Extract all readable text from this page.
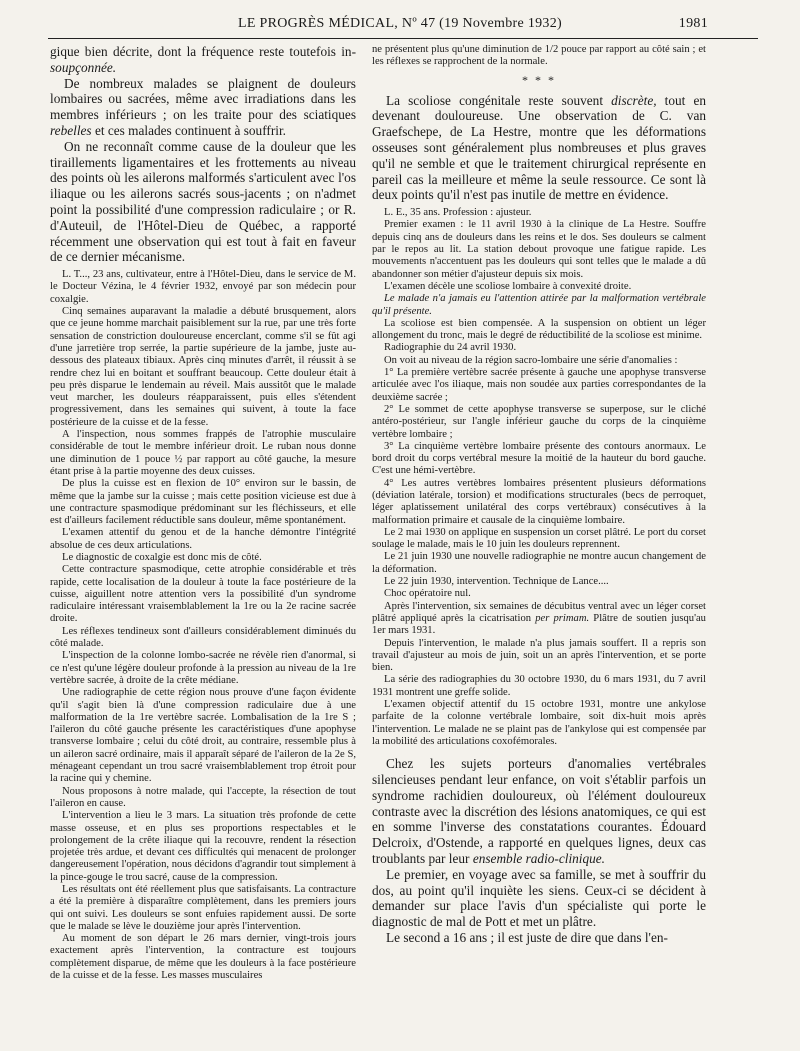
LE PROGRÈS MÉDICAL, Nº 47 (19 Novembre 1932)	1981

gique bien décrite, dont la fréquence reste toutefois in- soupçonnée.

De nombreux malades se plaignent de douleurs lombaires ou sacrées, même avec irradiations dans les membres inférieurs ; on les traite pour des sciatiques rebelles et ces malades continuent à souffrir.

On ne reconnaît comme cause de la douleur que les tiraillements ligamentaires et les frottements au niveau des points où les ailerons malformés s'articulent avec l'os iliaque ou les ailerons sacrés sous-jacents ; on n'admet point la possibilité d'une compression radiculaire ; or R. d'Auteuil, de l'Hôtel-Dieu de Québec, a rapporté récemment une observation qui est tout à fait en faveur de ce dernier mécanisme.

L. T..., 23 ans, cultivateur, entre à l'Hôtel-Dieu, dans le service de M. le Docteur Vézina, le 4 février 1932, envoyé par son médecin pour coxalgie.

Cinq semaines auparavant la maladie a débuté brusquement, alors que ce jeune homme marchait paisiblement sur la rue, par une très forte sensation de constriction douloureuse encerclant, comme s'il se fût agi d'une jarretière trop serrée, la partie supérieure de la jambe, juste au-dessous des plateaux tibiaux. Après cinq minutes d'arrêt, il réussit à se rendre chez lui en boitant et souffrant beaucoup. Cette douleur était à peu près disparue le lendemain au réveil. Mais aussitôt que le malade veut marcher, les douleurs réapparaissent, puis elles s'étendent progressivement, dans les semaines qui suivent, à toute la face postérieure de la cuisse et de la fesse.

A l'inspection, nous sommes frappés de l'atrophie musculaire considérable de tout le membre inférieur droit. Le ruban nous donne une diminution de 1 pouce ½ par rapport au côté gauche, la mesure étant prise à la partie moyenne des deux cuisses.

De plus la cuisse est en flexion de 10° environ sur le bassin, de même que la jambe sur la cuisse ; mais cette position vicieuse est due à une contracture spasmodique prédominant sur les fléchisseurs, et elle est d'ailleurs facilement réductible sans douleur, même spontanément.

L'examen attentif du genou et de la hanche démontre l'intégrité absolue de ces deux articulations.

Le diagnostic de coxalgie est donc mis de côté.

Cette contracture spasmodique, cette atrophie considérable et très rapide, cette localisation de la douleur à toute la face postérieure de la cuisse, aiguillent notre attention vers la possibilité d'un syndrome radiculaire intéressant vraisemblablement la 1re ou la 2e racine sacrée droite.

Les réflexes tendineux sont d'ailleurs considérablement diminués du côté malade.

L'inspection de la colonne lombo-sacrée ne révèle rien d'anormal, si ce n'est qu'une légère douleur profonde à la pression au niveau de la 1re vertèbre sacrée, à droite de la crête médiane.

Une radiographie de cette région nous prouve d'une façon évidente qu'il s'agit bien là d'une compression radiculaire due à une malformation de la 1re vertèbre sacrée. Lombalisation de la 1re S ; l'aileron du côté gauche présente les caractéristiques d'une apophyse transverse lombaire ; celui du côté droit, au contraire, ressemble plus à un aileron sacré ordinaire, mais il apparaît séparé de l'aileron de la 2e S, ménageant cependant un trou sacré vraisemblablement trop étroit pour la racine qui y chemine.

Nous proposons à notre malade, qui l'accepte, la résection de tout l'aileron en cause.

L'intervention a lieu le 3 mars. La situation très profonde de cette masse osseuse, et en plus ses proportions respectables et le prolongement de la crête iliaque qui la recouvre, rendent la résection projetée très ardue, et devant ces difficultés qui menacent de prolonger dangereusement l'opération, nous décidons d'agrandir tout simplement à la pince-gouge le trou sacré, cause de la compression.

Les résultats ont été réellement plus que satisfaisants. La contracture a été la première à disparaître complètement, dans les premiers jours qui ont suivi. Les douleurs se sont enfuies rapidement aussi. De sorte que le malade se lève le douzième jour après l'intervention.

Au moment de son départ le 26 mars dernier, vingt-trois jours exactement après l'intervention, la contracture est toujours complètement disparue, de même que les douleurs à la face postérieure de la cuisse et de la fesse. Les masses musculaires

ne présentent plus qu'une diminution de 1/2 pouce par rapport au côté sain ; et les réflexes se rapprochent de la normale.

* * *

La scoliose congénitale reste souvent discrète, tout en devenant douloureuse. Une observation de C. van Graefschepe, de La Hestre, montre que les déformations osseuses sont généralement plus nombreuses et plus graves qu'il ne semble et que le traitement chirurgical représente en pareil cas la meilleure et même la seule ressource. Ce sont là deux points qu'il n'est pas inutile de mettre en évidence.

L. E., 35 ans. Profession : ajusteur.

Premier examen : le 11 avril 1930 à la clinique de La Hestre. Souffre depuis cinq ans de douleurs dans les reins et le dos. Ses douleurs se calment par le repos au lit. La station debout provoque une fatigue rapide. Les mouvements n'accentuent pas les douleurs qui sont telles que le malade a dû abandonner son métier d'ajusteur depuis six mois.

L'examen décèle une scoliose lombaire à convexité droite.

Le malade n'a jamais eu l'attention attirée par la malformation vertébrale qu'il présente.

La scoliose est bien compensée. A la suspension on obtient un léger allongement du tronc, mais le degré de réductibilité de la scoliose est minime.

Radiographie du 24 avril 1930.

On voit au niveau de la région sacro-lombaire une série d'anomalies :

1° La première vertèbre sacrée présente à gauche une apophyse transverse articulée avec l'os iliaque, mais non soudée aux parties correspondantes de la deuxième sacrée ;

2° Le sommet de cette apophyse transverse se superpose, sur le cliché antéro-postérieur, sur l'angle inférieur gauche du corps de la cinquième vertèbre lombaire ;

3° La cinquième vertèbre lombaire présente des contours anormaux. Le bord droit du corps vertébral mesure la moitié de la hauteur du bord gauche. C'est une hémi-vertèbre.

4° Les autres vertèbres lombaires présentent plusieurs déformations (déviation latérale, torsion) et modifications structurales (becs de perroquet, léger aplatissement unilatéral des corps vertébraux) consécutives à la malformation primaire et causale de la cinquième lombaire.

Le 2 mai 1930 on applique en suspension un corset plâtré. Le port du corset soulage le malade, mais le 10 juin les douleurs reprennent.

Le 21 juin 1930 une nouvelle radiographie ne montre aucun changement de la déformation.

Le 22 juin 1930, intervention. Technique de Lance....

Choc opératoire nul.

Après l'intervention, six semaines de décubitus ventral avec un léger corset plâtré appliqué après la cicatrisation per primam. Plâtre de soutien jusqu'au 1er mars 1931.

Depuis l'intervention, le malade n'a plus jamais souffert. Il a repris son travail d'ajusteur au mois de juin, soit un an après l'intervention, et se porte bien.

La série des radiographies du 30 octobre 1930, du 6 mars 1931, du 7 avril 1931 montrent une greffe solide.

L'examen objectif attentif du 15 octobre 1931, montre une ankylose parfaite de la colonne vertébrale lombaire, soit dix-huit mois après l'intervention. Le malade ne se plaint pas de l'ankylose qui est compensée par la mobilité des articulations coxofémorales.

Chez les sujets porteurs d'anomalies vertébrales silencieuses pendant leur enfance, on voit s'établir parfois un syndrome rachidien douloureux, où l'élément douloureux contraste avec la discrétion des lésions anatomiques, ce qui est en somme l'inverse des constatations courantes. Édouard Delcroix, d'Ostende, a rapporté en quelques lignes, deux cas troublants par leur ensemble radio-clinique.

Le premier, en voyage avec sa famille, se met à souffrir du dos, au point qu'il inquiète les siens. Ceux-ci se décident à demander sur place l'avis d'un spécialiste qui porte le diagnostic de mal de Pott et met un plâtre.

Le second a 16 ans ; il est juste de dire que dans l'en-
